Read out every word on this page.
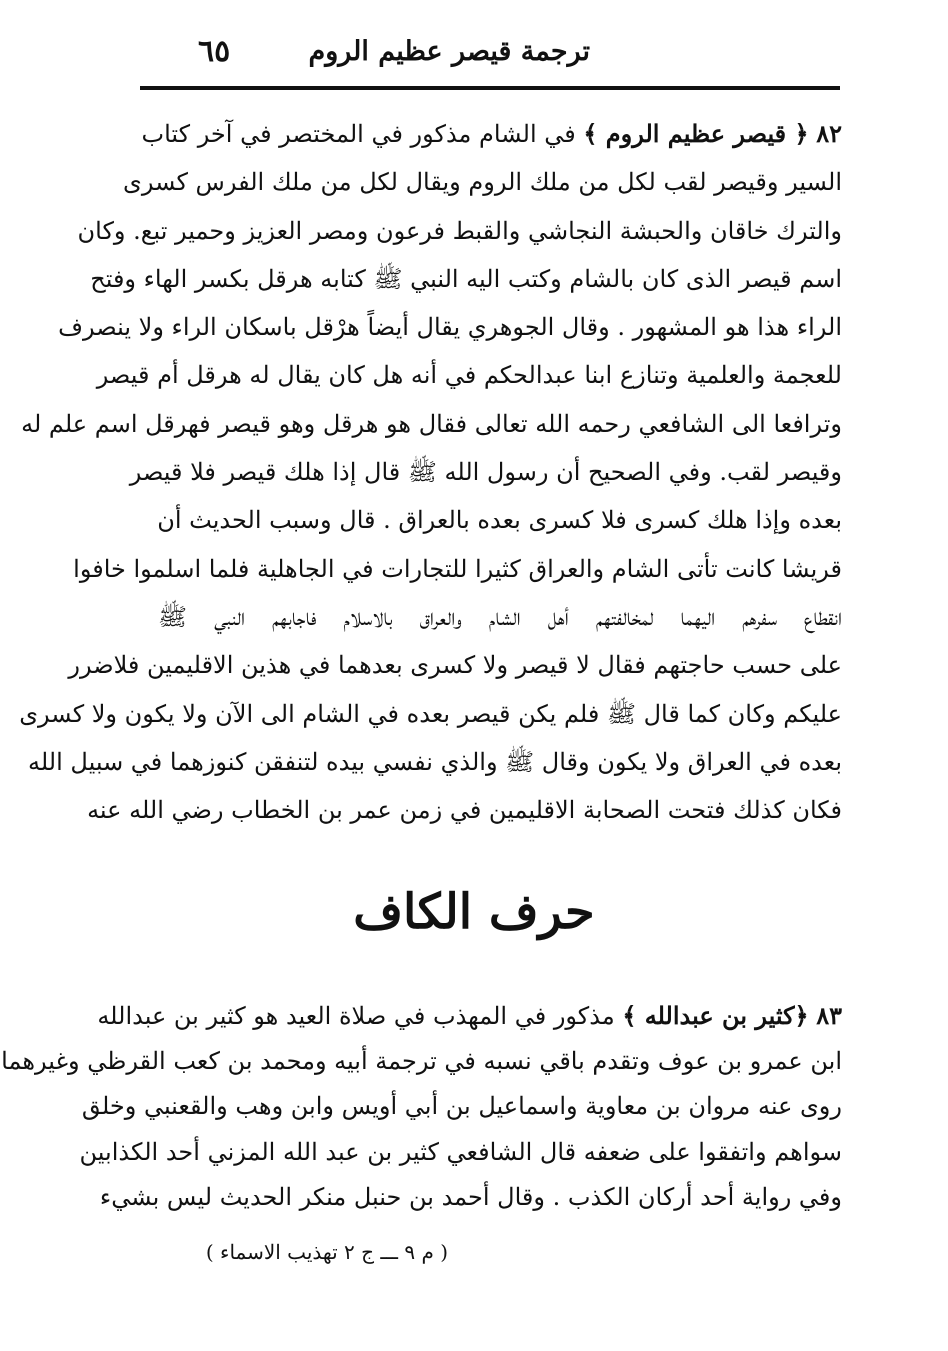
ترجمة قيصر عظيم الروم
٦٥
٨٢ ﴿ قيصر عظيم الروم ﴾ في الشام مذكور في المختصر في آخر كتاب
السير وقيصر لقب لكل من ملك الروم ويقال لكل من ملك الفرس كسرى
والترك خاقان والحبشة النجاشي والقبط فرعون ومصر العزيز وحمير تبع. وكان
اسم قيصر الذى كان بالشام وكتب اليه النبي ﷺ كتابه هرقل بكسر الهاء وفتح
الراء هذا هو المشهور . وقال الجوهري يقال أيضاً هرْقل باسكان الراء ولا ينصرف
للعجمة والعلمية وتنازع ابنا عبدالحكم في أنه هل كان يقال له هرقل أم قيصر
وترافعا الى الشافعي رحمه الله تعالى فقال هو هرقل وهو قيصر فهرقل اسم علم له
وقيصر لقب. وفي الصحيح أن رسول الله ﷺ قال إذا هلك قيصر فلا قيصر
بعده وإذا هلك كسرى فلا كسرى بعده بالعراق . قال وسبب الحديث أن
قريشا كانت تأتى الشام والعراق كثيرا للتجارات في الجاهلية فلما اسلموا خافوا
انقطاع سفرهم اليهما لمخالفتهم أهل الشام والعراق بالاسلام فاجابهم النبي ﷺ
على حسب حاجتهم فقال لا قيصر ولا كسرى بعدهما في هذين الاقليمين فلاضرر
عليكم وكان كما قال ﷺ فلم يكن قيصر بعده في الشام الى الآن ولا يكون ولا كسرى
بعده في العراق ولا يكون وقال ﷺ والذي نفسي بيده لتنفقن كنوزهما في سبيل الله
فكان كذلك فتحت الصحابة الاقليمين في زمن عمر بن الخطاب رضي الله عنه
حرف الكاف
٨٣ ﴿كثير بن عبدالله ﴾ مذكور في المهذب في صلاة العيد هو كثير بن عبدالله
ابن عمرو بن عوف وتقدم باقي نسبه في ترجمة أبيه ومحمد بن كعب القرظي وغيرهما
روى عنه مروان بن معاوية واسماعيل بن أبي أويس وابن وهب والقعنبي وخلق
سواهم واتفقوا على ضعفه قال الشافعي كثير بن عبد الله المزني أحد الكذابين
وفي رواية أحد أركان الكذب . وقال أحمد بن حنبل منكر الحديث ليس بشيء
( م ٩ ـــ ج ٢ تهذيب الاسماء )
